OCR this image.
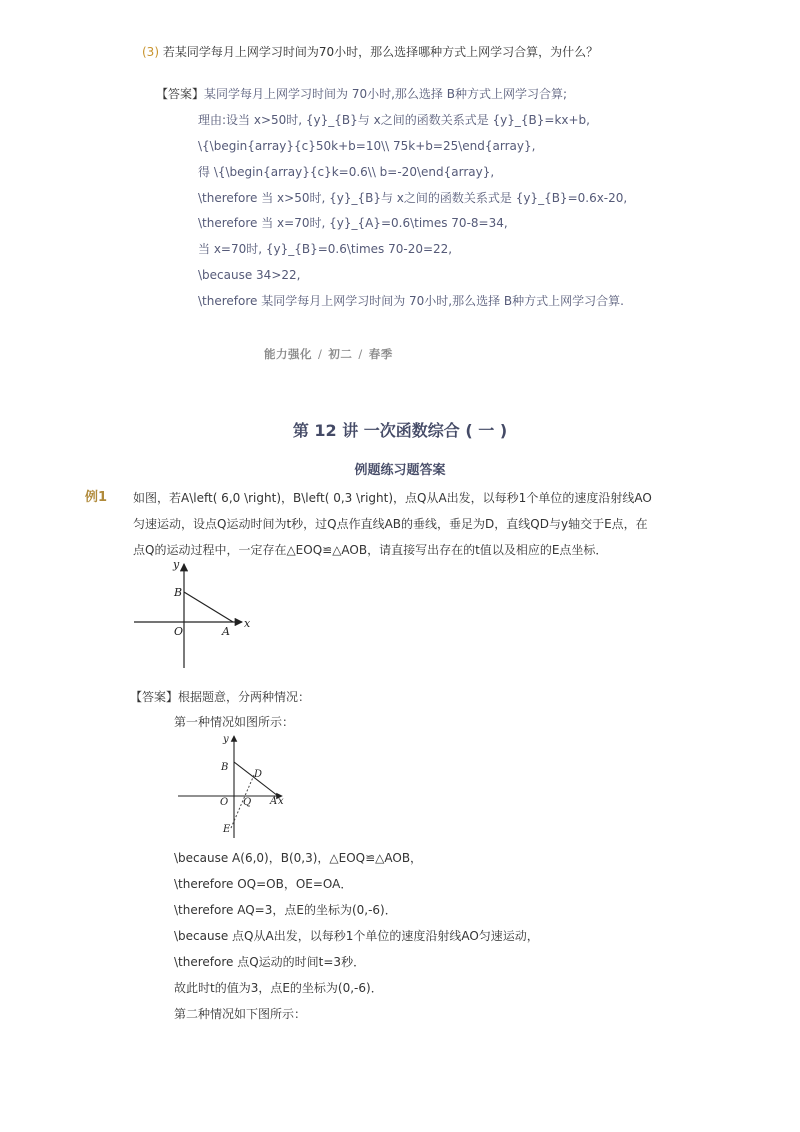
(3) 若某同学每月上网学习时间为70小时，那么选择哪种方式上网学习合算，为什么？
【答案】某同学每月上网学习时间为 70小时,那么选择 B种方式上网学习合算;
理由:设当 x>50时, {y}_{B}与 x之间的函数关系式是 {y}_{B}=kx+b,
\{\begin{array}{c}50k+b=10\\ 75k+b=25\end{array},
得 \{\begin{array}{c}k=0.6\\ b=-20\end{array},
\therefore 当 x>50时, {y}_{B}与 x之间的函数关系式是 {y}_{B}=0.6x-20,
\therefore 当 x=70时, {y}_{A}=0.6\times 70-8=34,
当 x=70时, {y}_{B}=0.6\times 70-20=22,
\because 34>22,
\therefore 某同学每月上网学习时间为 70小时,那么选择 B种方式上网学习合算.
能力强化 / 初二 / 春季
第 12 讲 一次函数综合 ( 一 )
例题练习题答案
例1 如图，若A\left( 6,0 \right)，B\left( 0,3 \right)，点Q从A出发，以每秒1个单位的速度沿射线AO
匀速运动，设点Q运动时间为t秒，过Q点作直线AB的垂线，垂足为D，直线QD与y轴交于E点，在
点Q的运动过程中，一定存在△EOQ≌△AOB，请直接写出存在的t值以及相应的E点坐标．
y
x
B
O	A
【答案】根据题意，分两种情况：
第一种情况如图所示：
y
x
B
D
O Q A
E
\because A(6,0)，B(0,3)，△EOQ≌△AOB，
\therefore OQ=OB，OE=OA．
\therefore AQ=3，点E的坐标为(0,-6)．
\because 点Q从A出发，以每秒1个单位的速度沿射线AO匀速运动，
\therefore 点Q运动的时间t=3秒．
故此时t的值为3，点E的坐标为(0,-6)．
第二种情况如下图所示：
